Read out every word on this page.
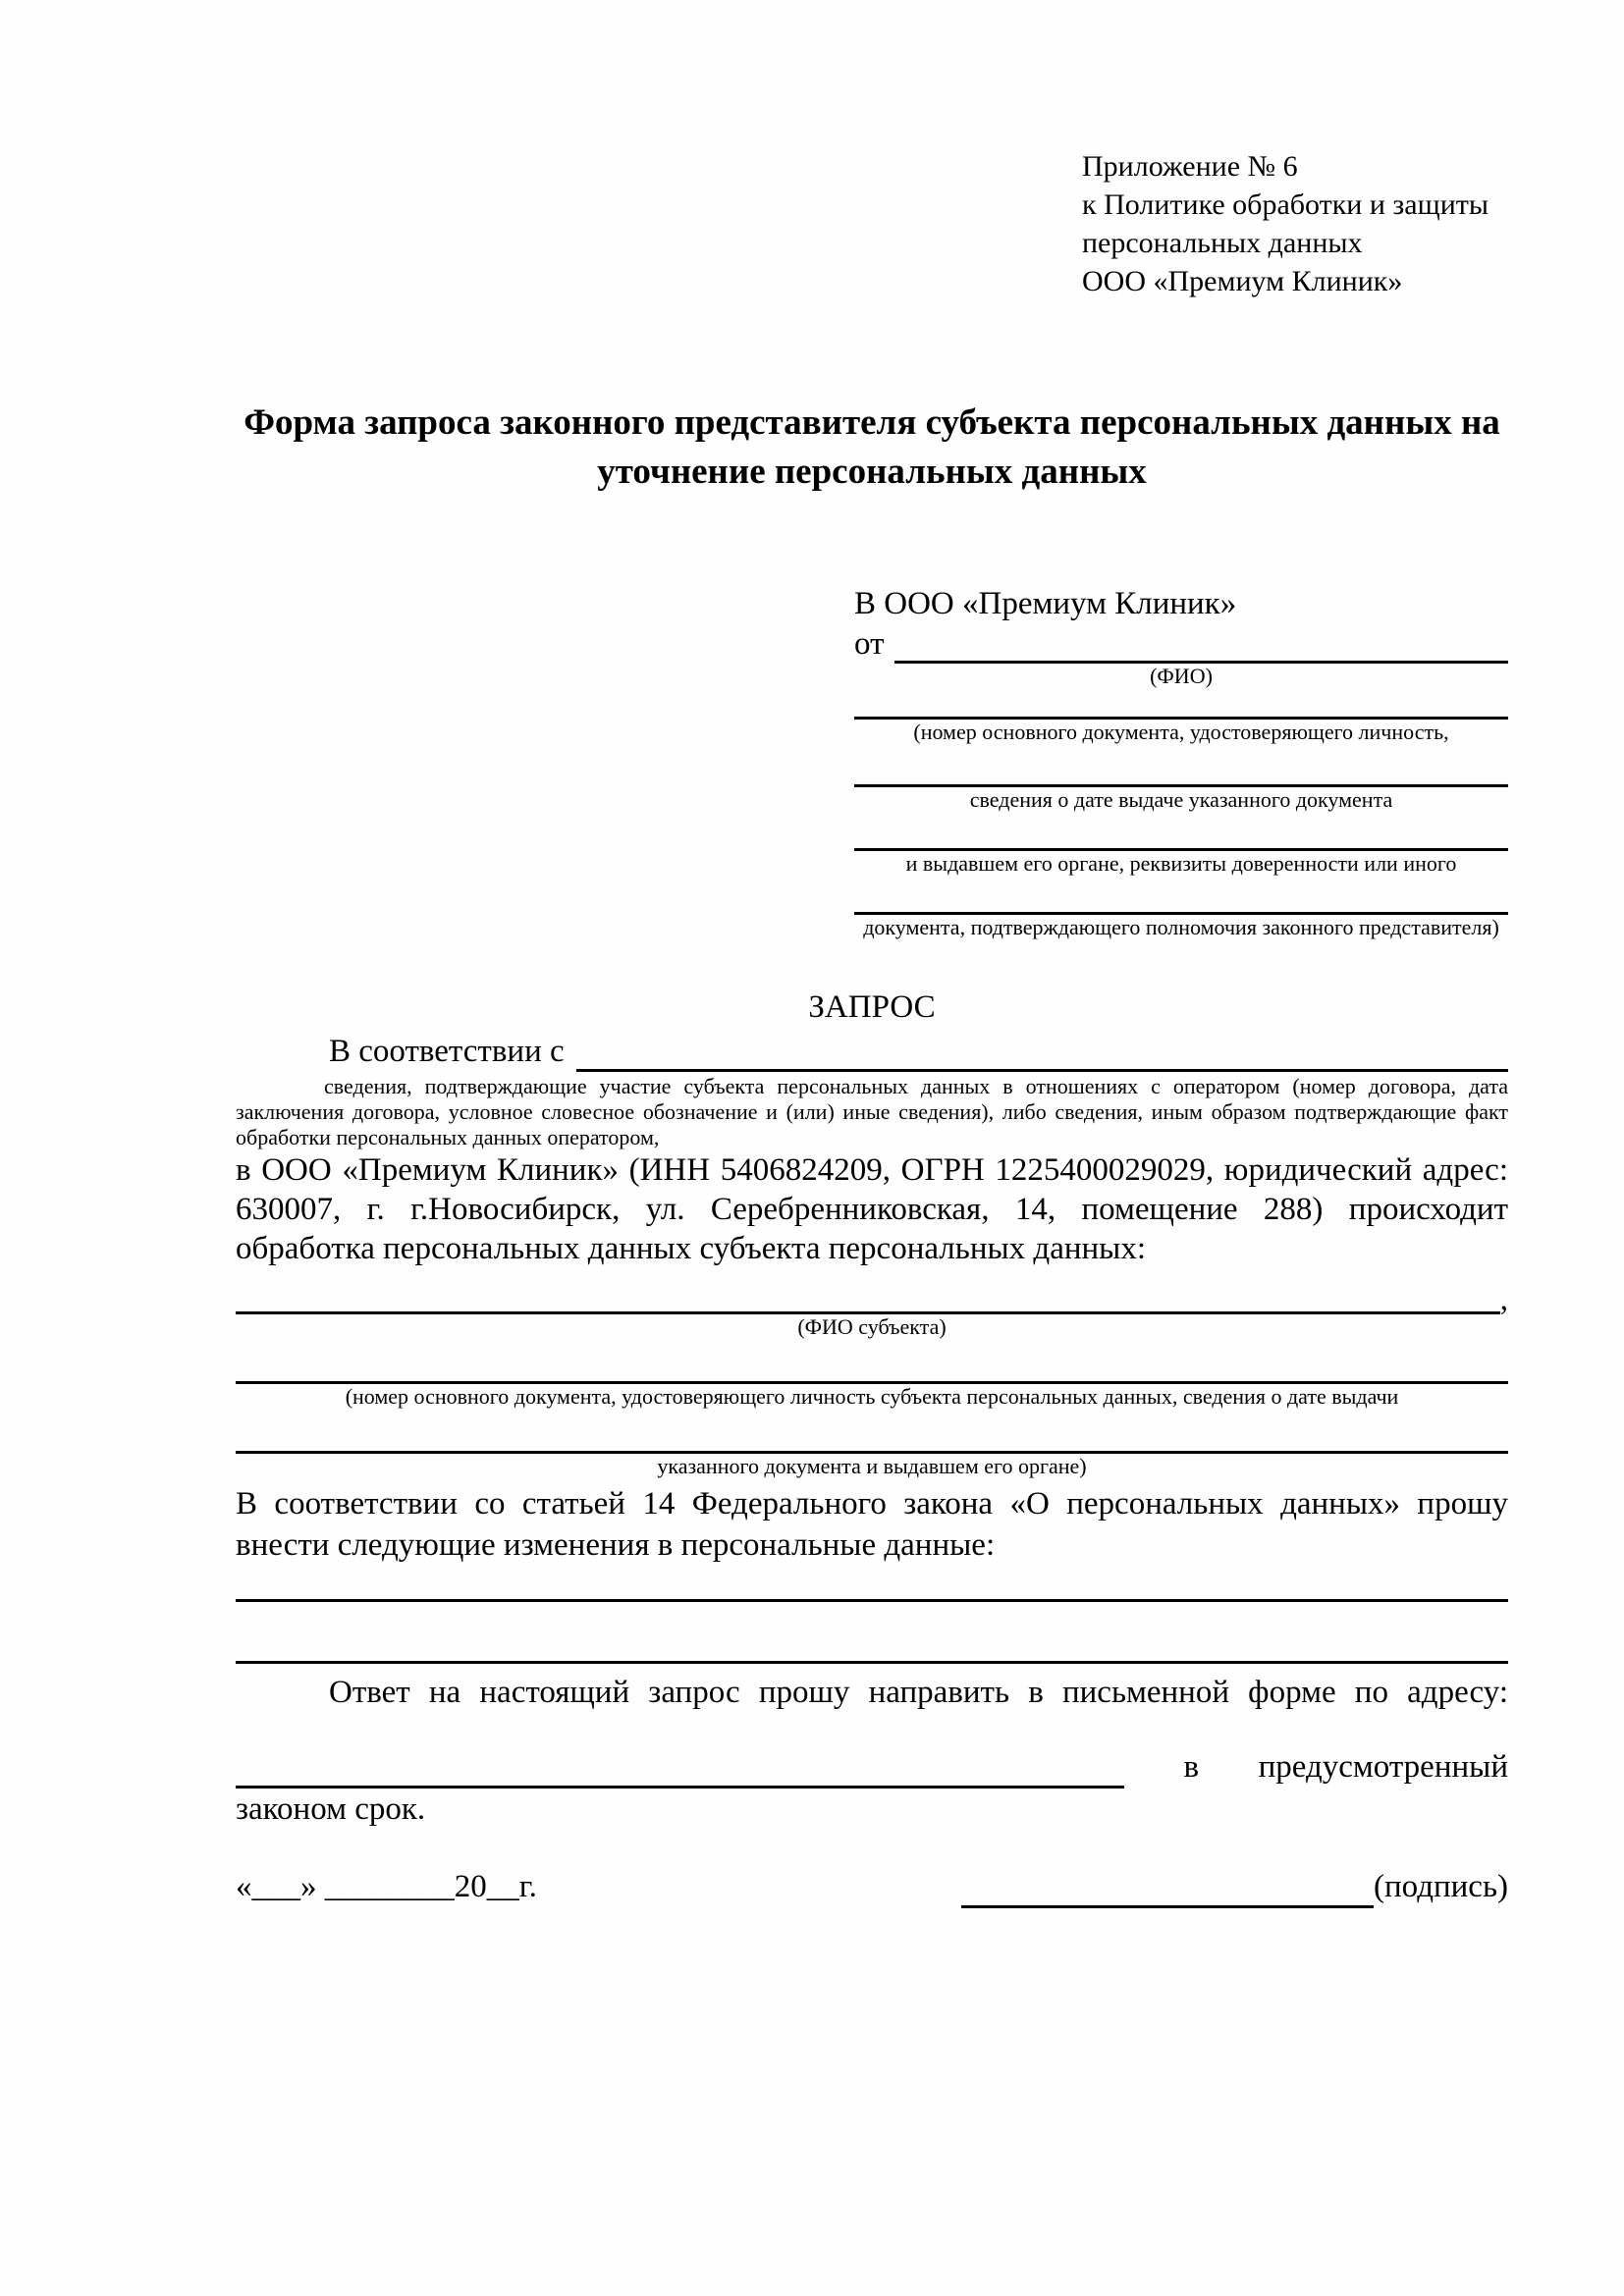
Приложение № 6
к Политике обработки и защиты
персональных данных
ООО «Премиум Клиник»
Форма запроса законного представителя субъекта персональных данных на уточнение персональных данных
В ООО «Премиум Клиник»
от
(ФИО)
(номер основного документа, удостоверяющего личность,
сведения о дате выдаче указанного документа
и выдавшем его органе, реквизиты доверенности или иного
документа, подтверждающего полномочия законного представителя)
ЗАПРОС
В соответствии с

сведения, подтверждающие участие субъекта персональных данных в отношениях с оператором (номер договора, дата заключения договора, условное словесное обозначение и (или) иные сведения), либо сведения, иным образом подтверждающие факт обработки персональных данных оператором,

в ООО «Премиум Клиник» (ИНН 5406824209, ОГРН 1225400029029, юридический адрес: 630007, г. г.Новосибирск, ул. Серебренниковская, 14, помещение 288) происходит обработка персональных данных субъекта персональных данных:

,
(ФИО субъекта)
(номер основного документа, удостоверяющего личность субъекта персональных данных, сведения о дате выдачи
указанного документа и выдавшем его органе)

В соответствии со статьей 14 Федерального закона «О персональных данных» прошу внести следующие изменения в персональные данные:

Ответ на настоящий запрос прошу направить в письменной форме по адресу:

в предусмотренный

законом срок.

«___» ________20__г.	(подпись)
